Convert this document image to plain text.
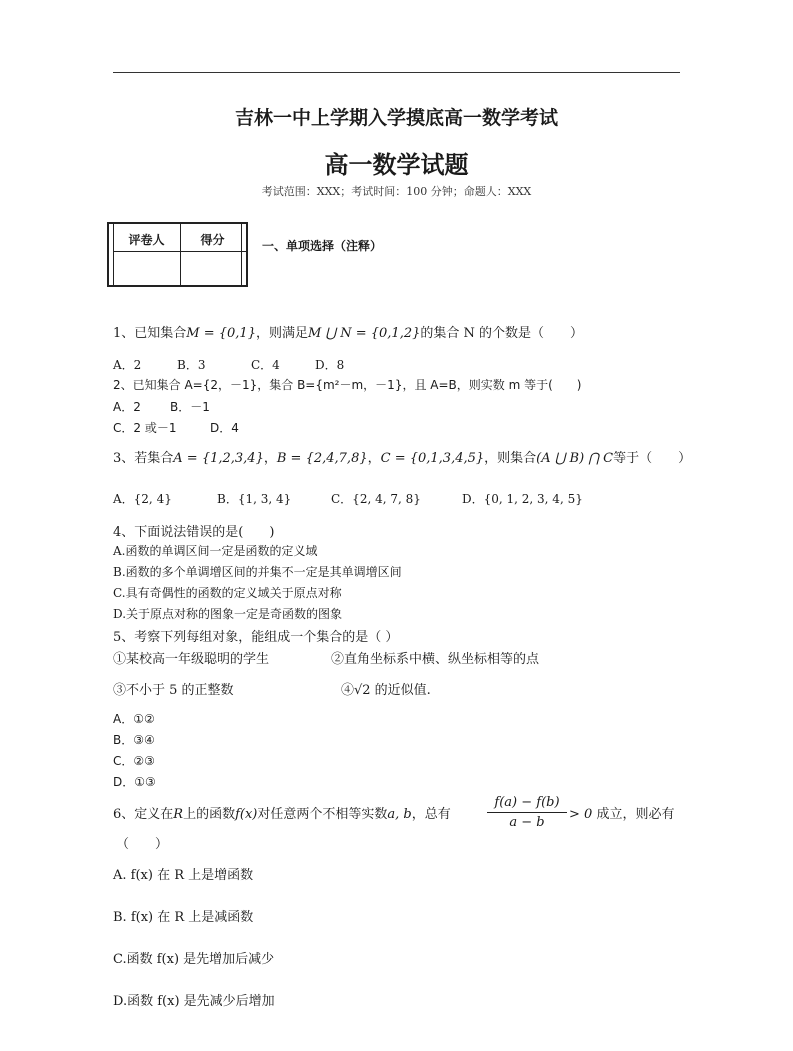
吉林一中上学期入学摸底高一数学考试
高一数学试题
考试范围：XXX；考试时间：100 分钟；命题人：XXX
评卷人	得分	一、单项选择（注释）
1、已知集合M = {0,1}，则满足M ⋃ N = {0,1,2}的集合 N 的个数是（　　）
A．2	B．3	C．4	D．8
2、已知集合 A={2，－1}，集合 B={m²－m，－1}，且 A=B，则实数 m 等于(　　)
A．2 B．－1
C．2 或－1	D．4
3、若集合A = {1,2,3,4}，B = {2,4,7,8}，C = {0,1,3,4,5}，则集合(A ⋃ B) ⋂ C等于（　　）
A．{2, 4}	B．{1, 3, 4}	C．{2, 4, 7, 8}	D．{0, 1, 2, 3, 4, 5}
4、下面说法错误的是(　　)
A.函数的单调区间一定是函数的定义域
B.函数的多个单调增区间的并集不一定是其单调增区间
C.具有奇偶性的函数的定义域关于原点对称
D.关于原点对称的图象一定是奇函数的图象
5、考察下列每组对象，能组成一个集合的是（ ）
①某校高一年级聪明的学生	②直角坐标系中横、纵坐标相等的点
③不小于 5 的正整数	④√2 的近似值.
A．①②
B．③④
C．②③
D．①③
6、定义在R上的函数f(x)对任意两个不相等实数a, b，总有
f(a) − f(b)
a − b
> 0 成立，则必有
（　　）
A. f(x) 在 R 上是增函数
B. f(x) 在 R 上是减函数
C.函数 f(x) 是先增加后减少
D.函数 f(x) 是先减少后增加
